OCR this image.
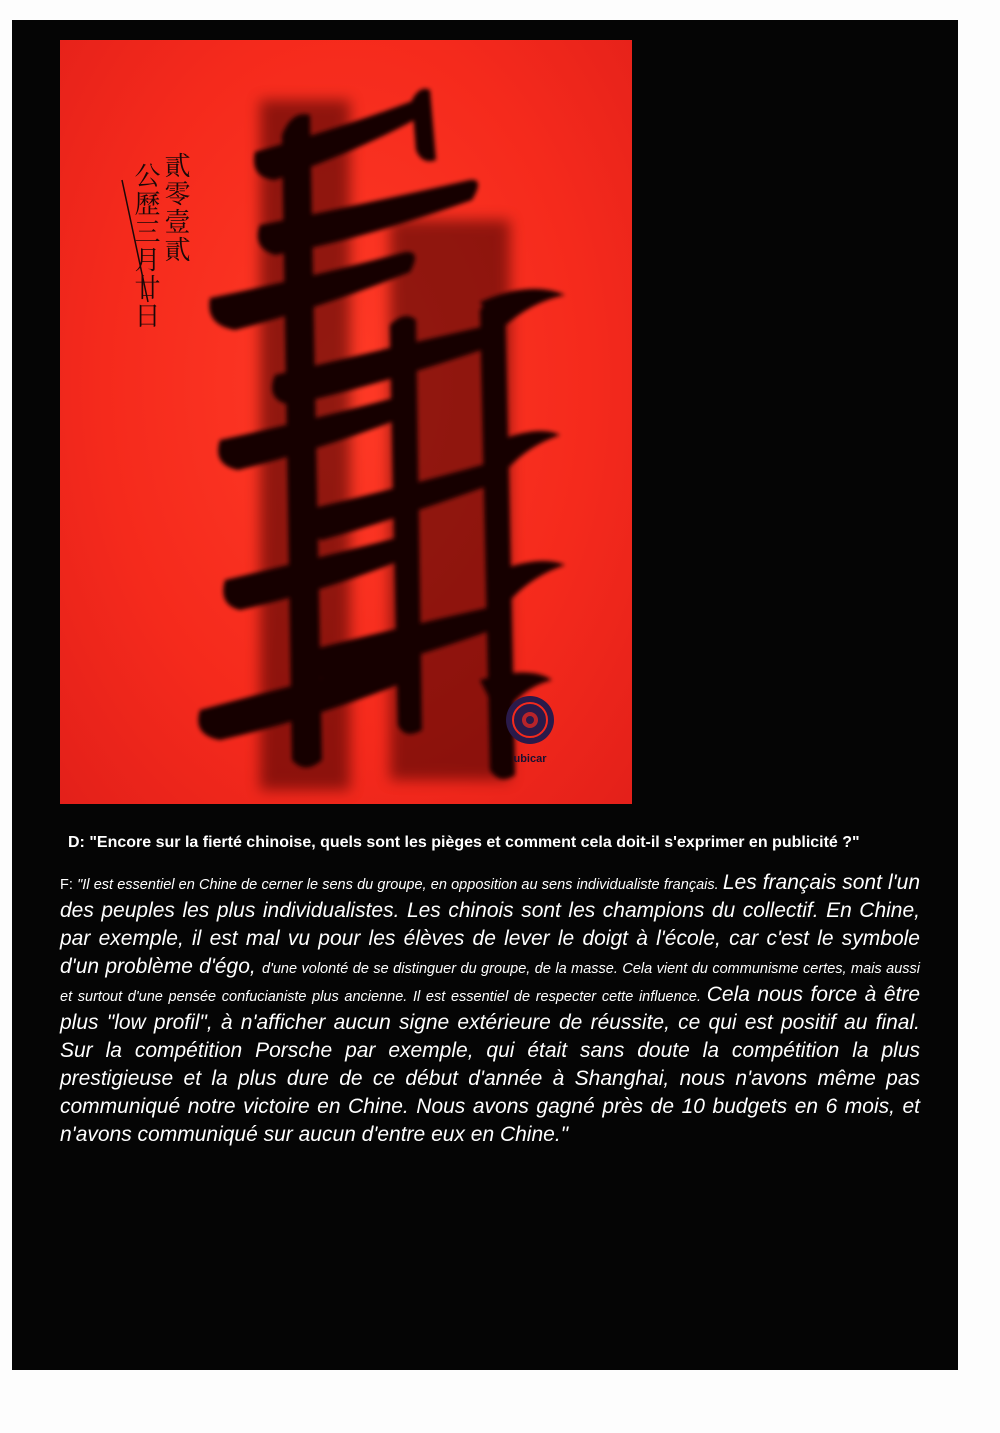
貳零壹貳
公歷三月廿日
ubicar

D: "Encore sur la fierté chinoise, quels sont les pièges et comment cela doit-il s'exprimer en publicité ?"

F: "Il est essentiel en Chine de cerner le sens du groupe, en opposition au sens individualiste français. Les français sont l'un des peuples les plus individualistes. Les chinois sont les champions du collectif. En Chine, par exemple, il est mal vu pour les élèves de lever le doigt à l'école, car c'est le symbole d'un problème d'égo, d'une volonté de se distinguer du groupe, de la masse. Cela vient du communisme certes, mais aussi et surtout d'une pensée confucianiste plus ancienne. Il est essentiel de respecter cette influence. Cela nous force à être plus "low profil", à n'afficher aucun signe extérieure de réussite, ce qui est positif au final. Sur la compétition Porsche par exemple, qui était sans doute la compétition la plus prestigieuse et la plus dure de ce début d'année à Shanghai, nous n'avons même pas communiqué notre victoire en Chine. Nous avons gagné près de 10 budgets en 6 mois, et n'avons communiqué sur aucun d'entre eux en Chine."
